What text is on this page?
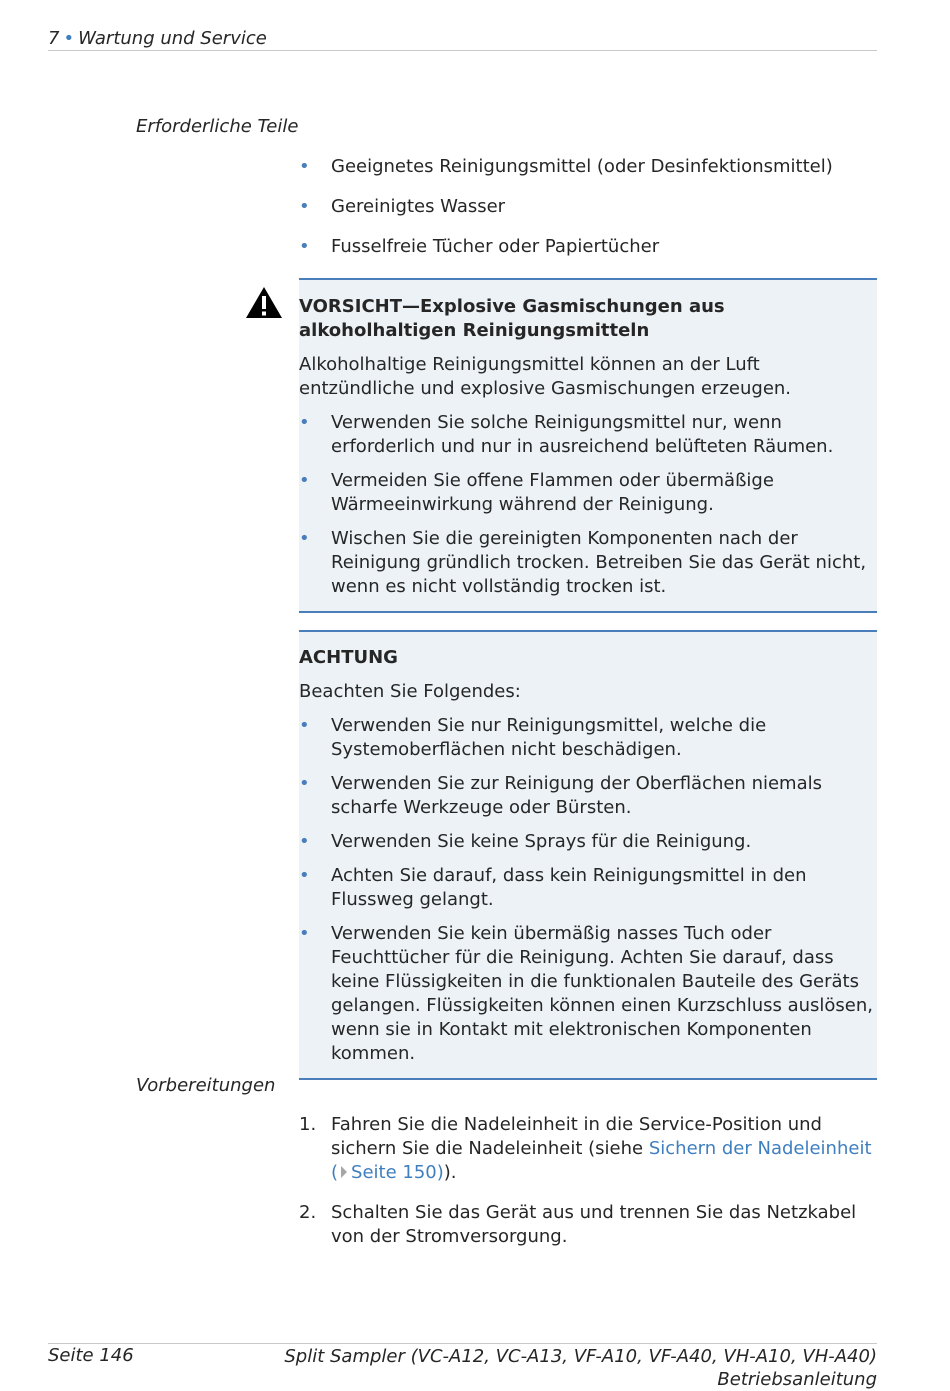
7 • Wartung und Service
Erforderliche Teile
• Geeignetes Reinigungsmittel (oder Desinfektionsmittel)
• Gereinigtes Wasser
• Fusselfreie Tücher oder Papiertücher
VORSICHT—Explosive Gasmischungen aus alkoholhaltigen Reinigungsmitteln
Alkoholhaltige Reinigungsmittel können an der Luft entzündliche und explosive Gasmischungen erzeugen.
• Verwenden Sie solche Reinigungsmittel nur, wenn erforderlich und nur in ausreichend belüfteten Räumen.
• Vermeiden Sie offene Flammen oder übermäßige Wärmeeinwirkung während der Reinigung.
• Wischen Sie die gereinigten Komponenten nach der Reinigung gründlich trocken. Betreiben Sie das Gerät nicht, wenn es nicht vollständig trocken ist.
ACHTUNG
Beachten Sie Folgendes:
• Verwenden Sie nur Reinigungsmittel, welche die Systemoberflächen nicht beschädigen.
• Verwenden Sie zur Reinigung der Oberflächen niemals scharfe Werkzeuge oder Bürsten.
• Verwenden Sie keine Sprays für die Reinigung.
• Achten Sie darauf, dass kein Reinigungsmittel in den Flussweg gelangt.
• Verwenden Sie kein übermäßig nasses Tuch oder Feuchttücher für die Reinigung. Achten Sie darauf, dass keine Flüssigkeiten in die funktionalen Bauteile des Geräts gelangen. Flüssigkeiten können einen Kurzschluss auslösen, wenn sie in Kontakt mit elektronischen Komponenten kommen.
Vorbereitungen
1. Fahren Sie die Nadeleinheit in die Service-Position und sichern Sie die Nadeleinheit (siehe Sichern der Nadeleinheit ( Seite 150)).
2. Schalten Sie das Gerät aus und trennen Sie das Netzkabel von der Stromversorgung.
Seite 146	Split Sampler (VC-A12, VC-A13, VF-A10, VF-A40, VH-A10, VH-A40)
Betriebsanleitung
